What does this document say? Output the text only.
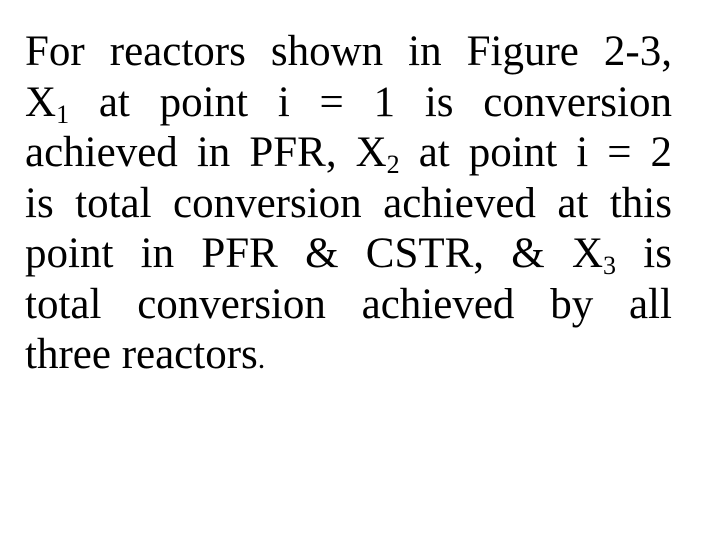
For reactors shown in Figure 2-3,
$X_1$ at point i = 1 is conversion
achieved in PFR, $X_2$ at point i = 2
is total conversion achieved at this
point in PFR & CSTR, & $X_3$ is
total conversion achieved by all
three
reactors .
